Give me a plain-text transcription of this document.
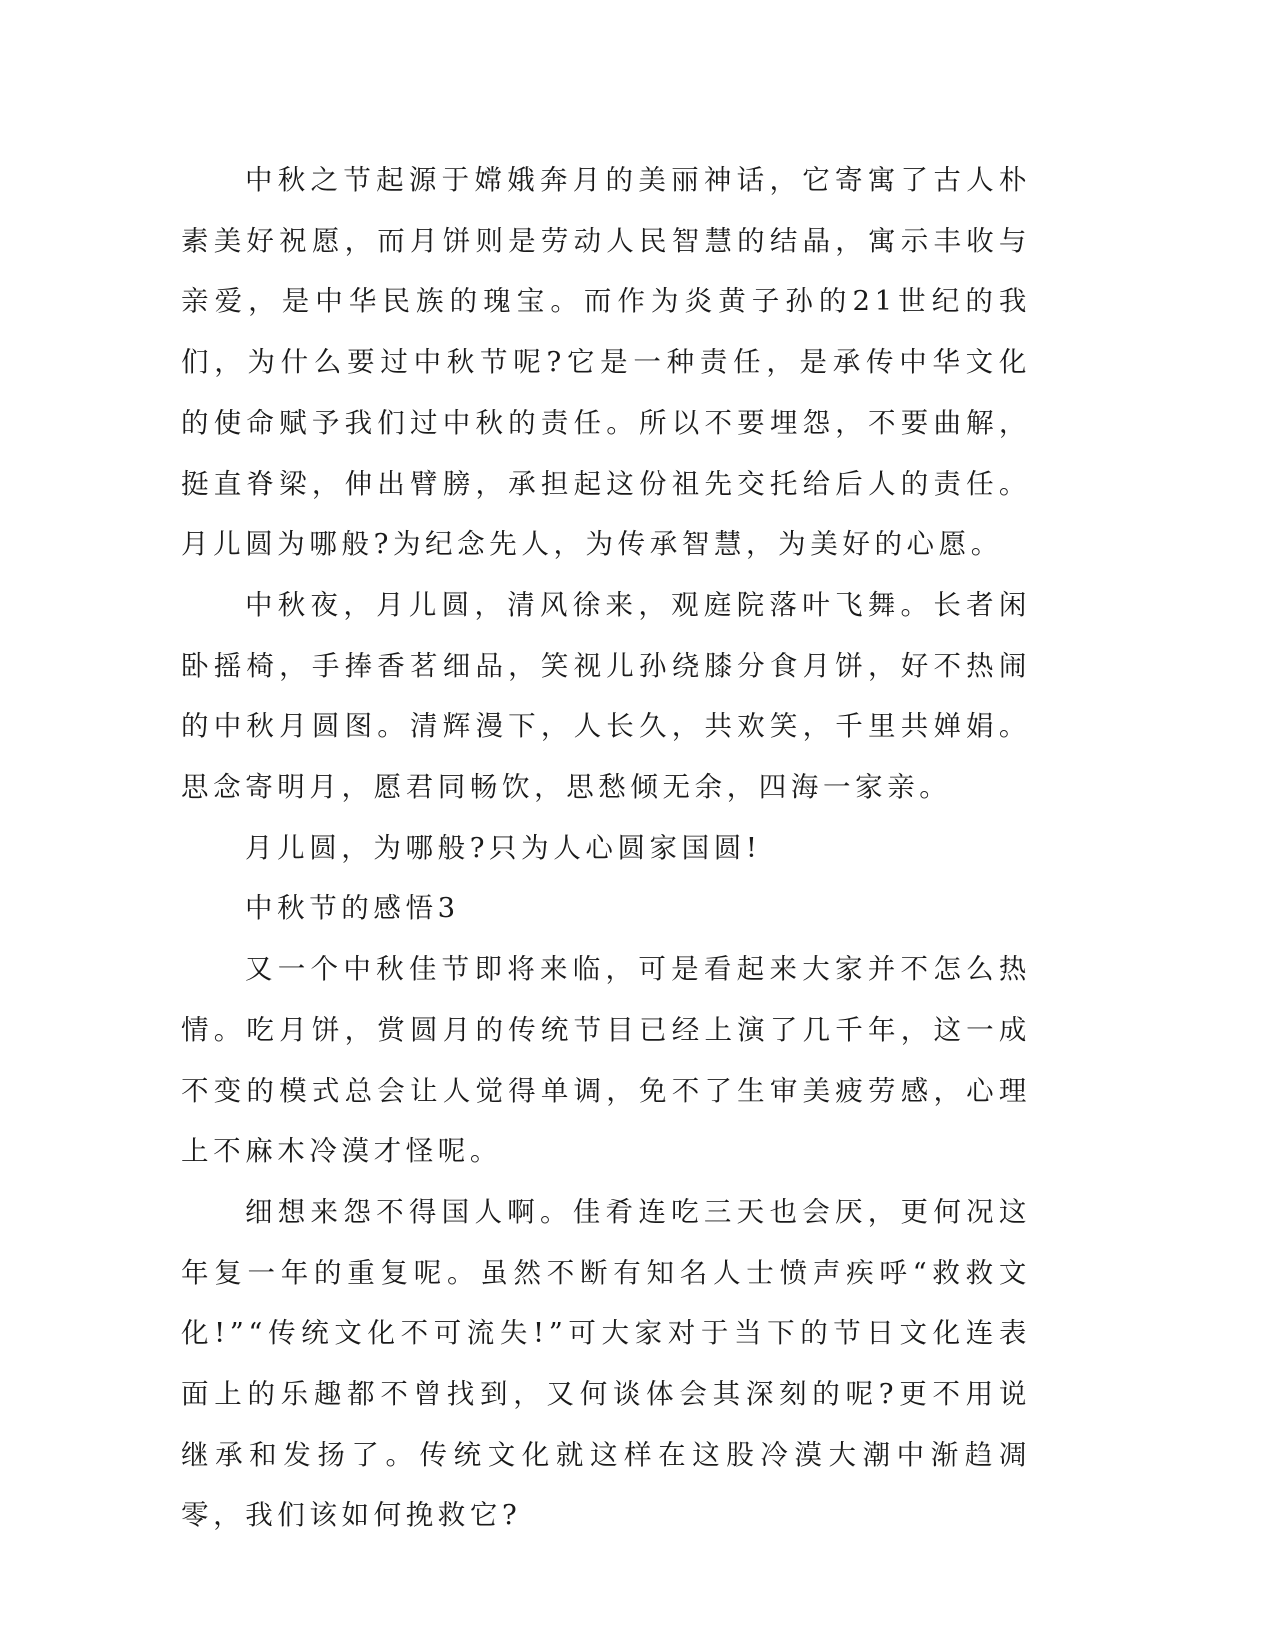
中秋之节起源于嫦娥奔月的美丽神话，它寄寓了古人朴素美好祝愿，而月饼则是劳动人民智慧的结晶，寓示丰收与亲爱，是中华民族的瑰宝。而作为炎黄子孙的21世纪的我们，为什么要过中秋节呢?它是一种责任，是承传中华文化的使命赋予我们过中秋的责任。所以不要埋怨，不要曲解，挺直脊梁，伸出臂膀，承担起这份祖先交托给后人的责任。月儿圆为哪般?为纪念先人，为传承智慧，为美好的心愿。

中秋夜，月儿圆，清风徐来，观庭院落叶飞舞。长者闲卧摇椅，手捧香茗细品，笑视儿孙绕膝分食月饼，好不热闹的中秋月圆图。清辉漫下，人长久，共欢笑，千里共婵娟。思念寄明月，愿君同畅饮，思愁倾无余，四海一家亲。

月儿圆，为哪般?只为人心圆家国圆!

中秋节的感悟3

又一个中秋佳节即将来临，可是看起来大家并不怎么热情。吃月饼，赏圆月的传统节目已经上演了几千年，这一成不变的模式总会让人觉得单调，免不了生审美疲劳感，心理上不麻木冷漠才怪呢。

细想来怨不得国人啊。佳肴连吃三天也会厌，更何况这年复一年的重复呢。虽然不断有知名人士愤声疾呼“救救文化!”“传统文化不可流失!”可大家对于当下的节日文化连表面上的乐趣都不曾找到，又何谈体会其深刻的呢?更不用说继承和发扬了。传统文化就这样在这股冷漠大潮中渐趋凋零，我们该如何挽救它?
